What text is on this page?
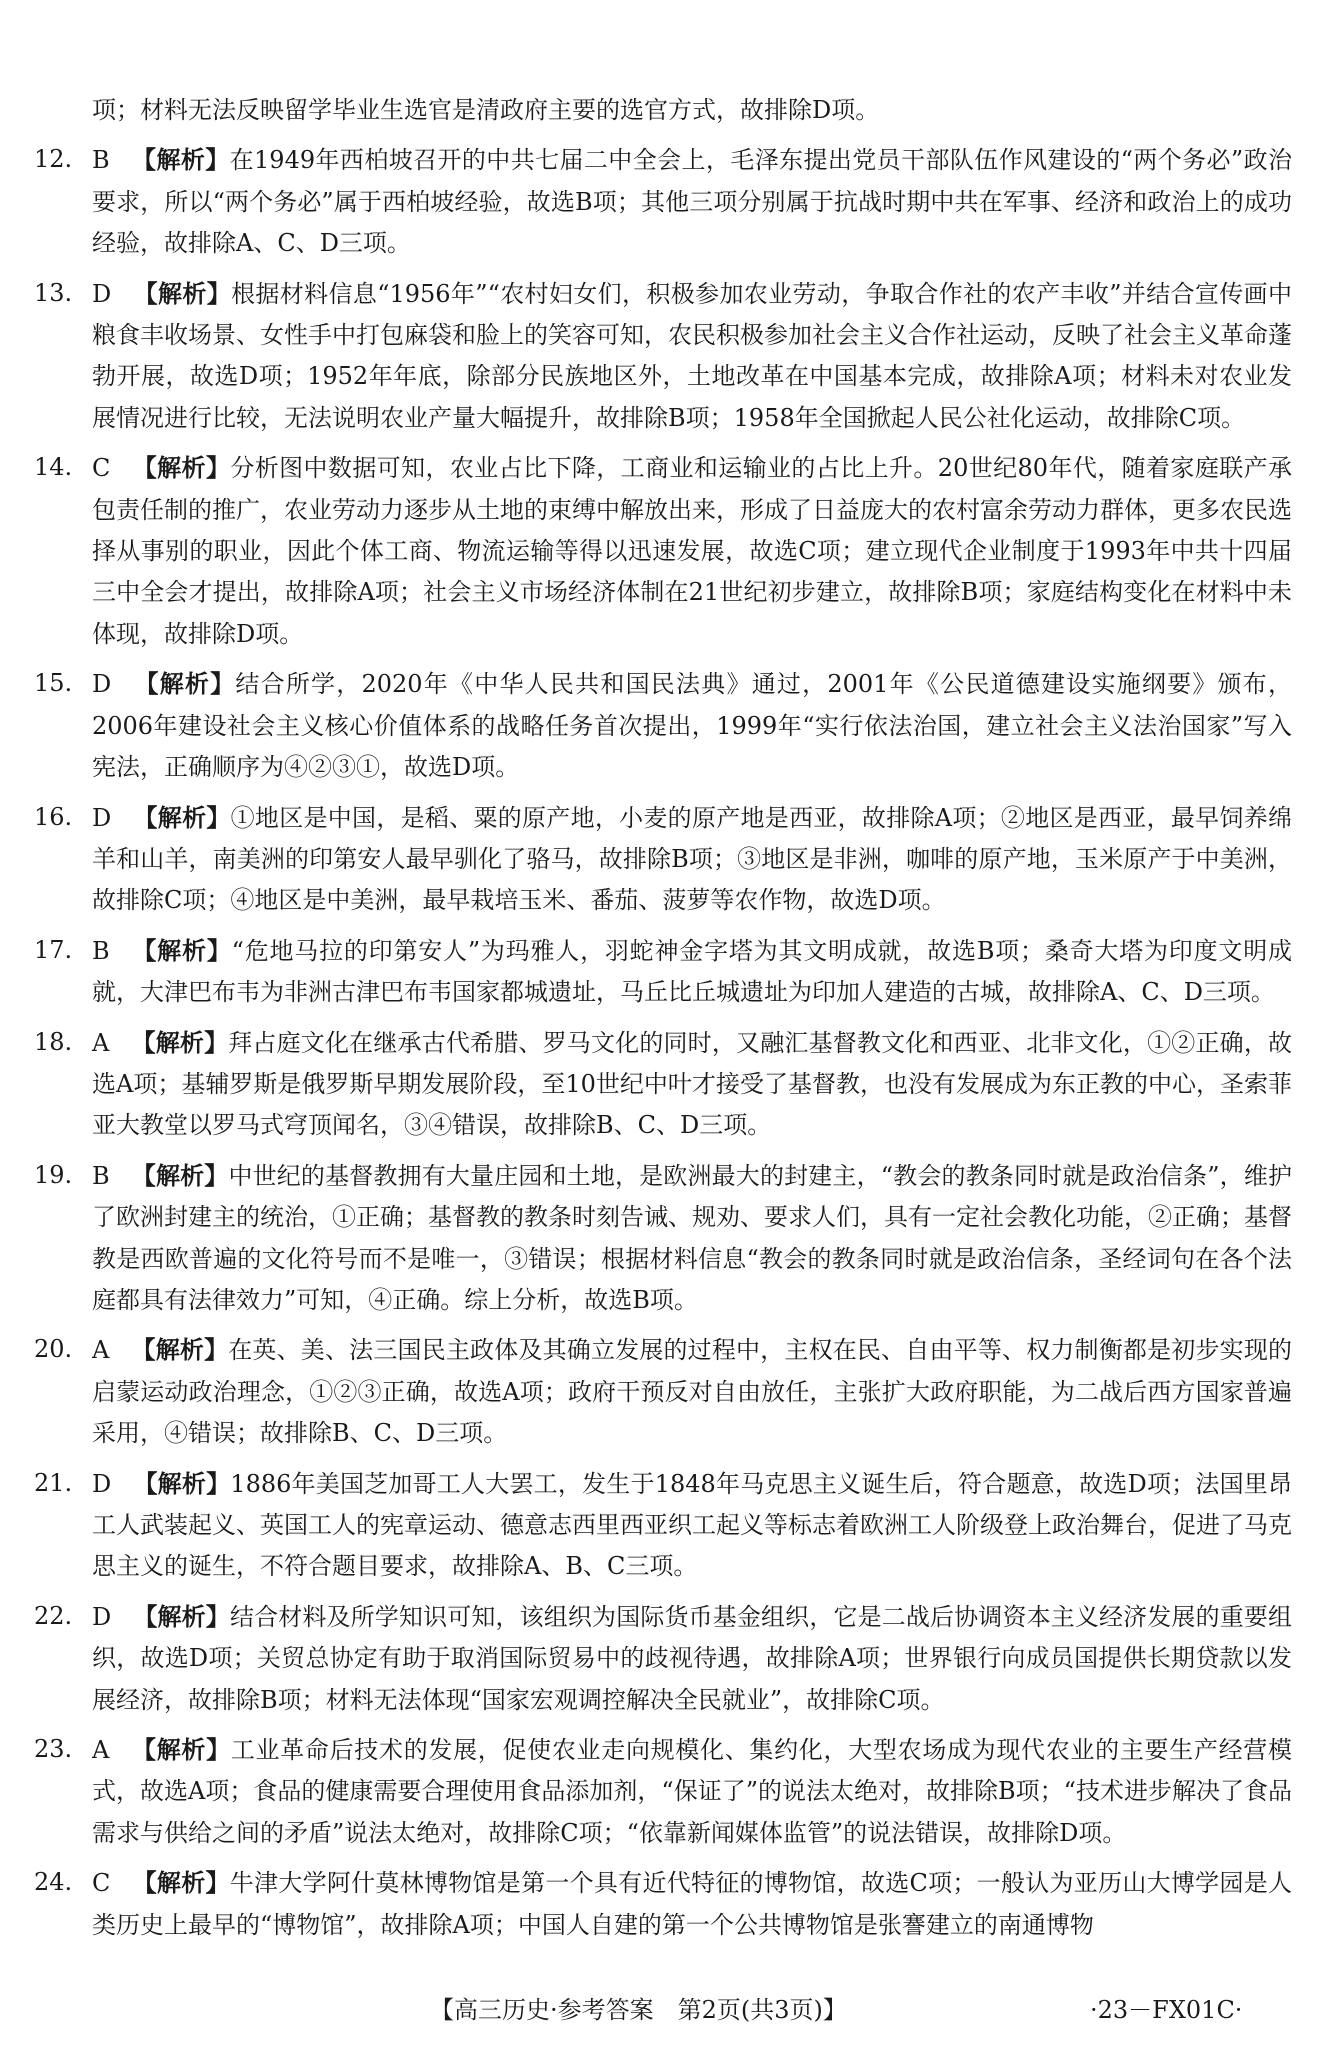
项；材料无法反映留学毕业生选官是清政府主要的选官方式，故排除D项。
12. B 【解析】在1949年西柏坡召开的中共七届二中全会上，毛泽东提出党员干部队伍作风建设的“两个务必”政治要求，所以“两个务必”属于西柏坡经验，故选B项；其他三项分别属于抗战时期中共在军事、经济和政治上的成功经验，故排除A、C、D三项。
13. D 【解析】根据材料信息“1956年”“农村妇女们，积极参加农业劳动，争取合作社的农产丰收”并结合宣传画中粮食丰收场景、女性手中打包麻袋和脸上的笑容可知，农民积极参加社会主义合作社运动，反映了社会主义革命蓬勃开展，故选D项；1952年年底，除部分民族地区外，土地改革在中国基本完成，故排除A项；材料未对农业发展情况进行比较，无法说明农业产量大幅提升，故排除B项；1958年全国掀起人民公社化运动，故排除C项。
14. C 【解析】分析图中数据可知，农业占比下降，工商业和运输业的占比上升。20世纪80年代，随着家庭联产承包责任制的推广，农业劳动力逐步从土地的束缚中解放出来，形成了日益庞大的农村富余劳动力群体，更多农民选择从事别的职业，因此个体工商、物流运输等得以迅速发展，故选C项；建立现代企业制度于1993年中共十四届三中全会才提出，故排除A项；社会主义市场经济体制在21世纪初步建立，故排除B项；家庭结构变化在材料中未体现，故排除D项。
15. D 【解析】结合所学，2020年《中华人民共和国民法典》通过，2001年《公民道德建设实施纲要》颁布，2006年建设社会主义核心价值体系的战略任务首次提出，1999年“实行依法治国，建立社会主义法治国家”写入宪法，正确顺序为④②③①，故选D项。
16. D 【解析】①地区是中国，是稻、粟的原产地，小麦的原产地是西亚，故排除A项；②地区是西亚，最早饲养绵羊和山羊，南美洲的印第安人最早驯化了骆马，故排除B项；③地区是非洲，咖啡的原产地，玉米原产于中美洲，故排除C项；④地区是中美洲，最早栽培玉米、番茄、菠萝等农作物，故选D项。
17. B 【解析】“危地马拉的印第安人”为玛雅人，羽蛇神金字塔为其文明成就，故选B项；桑奇大塔为印度文明成就，大津巴布韦为非洲古津巴布韦国家都城遗址，马丘比丘城遗址为印加人建造的古城，故排除A、C、D三项。
18. A 【解析】拜占庭文化在继承古代希腊、罗马文化的同时，又融汇基督教文化和西亚、北非文化，①②正确，故选A项；基辅罗斯是俄罗斯早期发展阶段，至10世纪中叶才接受了基督教，也没有发展成为东正教的中心，圣索菲亚大教堂以罗马式穹顶闻名，③④错误，故排除B、C、D三项。
19. B 【解析】中世纪的基督教拥有大量庄园和土地，是欧洲最大的封建主，“教会的教条同时就是政治信条”，维护了欧洲封建主的统治，①正确；基督教的教条时刻告诫、规劝、要求人们，具有一定社会教化功能，②正确；基督教是西欧普遍的文化符号而不是唯一，③错误；根据材料信息“教会的教条同时就是政治信条，圣经词句在各个法庭都具有法律效力”可知，④正确。综上分析，故选B项。
20. A 【解析】在英、美、法三国民主政体及其确立发展的过程中，主权在民、自由平等、权力制衡都是初步实现的启蒙运动政治理念，①②③正确，故选A项；政府干预反对自由放任，主张扩大政府职能，为二战后西方国家普遍采用，④错误；故排除B、C、D三项。
21. D 【解析】1886年美国芝加哥工人大罢工，发生于1848年马克思主义诞生后，符合题意，故选D项；法国里昂工人武装起义、英国工人的宪章运动、德意志西里西亚织工起义等标志着欧洲工人阶级登上政治舞台，促进了马克思主义的诞生，不符合题目要求，故排除A、B、C三项。
22. D 【解析】结合材料及所学知识可知，该组织为国际货币基金组织，它是二战后协调资本主义经济发展的重要组织，故选D项；关贸总协定有助于取消国际贸易中的歧视待遇，故排除A项；世界银行向成员国提供长期贷款以发展经济，故排除B项；材料无法体现“国家宏观调控解决全民就业”，故排除C项。
23. A 【解析】工业革命后技术的发展，促使农业走向规模化、集约化，大型农场成为现代农业的主要生产经营模式，故选A项；食品的健康需要合理使用食品添加剂，“保证了”的说法太绝对，故排除B项；“技术进步解决了食品需求与供给之间的矛盾”说法太绝对，故排除C项；“依靠新闻媒体监管”的说法错误，故排除D项。
24. C 【解析】牛津大学阿什莫林博物馆是第一个具有近代特征的博物馆，故选C项；一般认为亚历山大博学园是人类历史上最早的“博物馆”，故排除A项；中国人自建的第一个公共博物馆是张謇建立的南通博物
【高三历史·参考答案　第2页(共3页)】	·23－FX01C·
